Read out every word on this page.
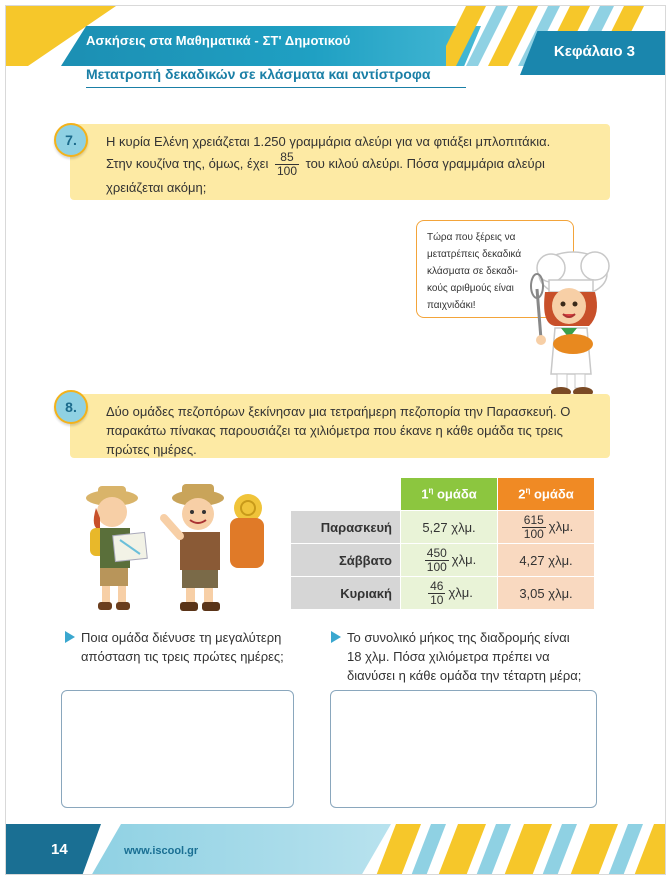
Ασκήσεις στα Μαθηματικά - ΣΤ' Δημοτικού
Κεφάλαιο 3
Μετατροπή δεκαδικών σε κλάσματα και αντίστροφα
Η κυρία Ελένη χρειάζεται 1.250 γραμμάρια αλεύρι για να φτιάξει μπλοπιτάκια.
Στην κουζίνα της, όμως, έχει $\frac{85}{100}$ του κιλού αλεύρι. Πόσα γραμμάρια αλεύρι
χρειάζεται ακόμη;
7.
Τώρα που ξέρεις να
μετατρέπεις δεκαδικά
κλάσματα σε δεκαδι-
κούς αριθμούς είναι
παιχνιδάκι!
Δύο ομάδες πεζοπόρων ξεκίνησαν μια τετραήμερη πεζοπορία την Παρασκευή. Ο
παρακάτω πίνακας παρουσιάζει τα χιλιόμετρα που έκανε η κάθε ομάδα τις τρεις
πρώτες ημέρες.
8.
	$1^\eta$ ομάδα	$2^\eta$ ομάδα
Παρασκευή	5,27 χλμ.	$\frac{615}{100} \chi\lambda\mu$.
Σάββατο	$\frac{450}{100} \chi\lambda\mu$.	4,27 χλμ.
Κυριακή	$\frac{46}{10} \chi\lambda\mu$.	3,05 χλμ.
Ποια ομάδα διένυσε τη μεγαλύτερη
απόσταση τις τρεις πρώτες ημέρες;
Το συνολικό μήκος της διαδρομής είναι
18 χλμ. Πόσα χιλιόμετρα πρέπει να
διανύσει η κάθε ομάδα την τέταρτη μέρα;
14	www.iscool.gr
